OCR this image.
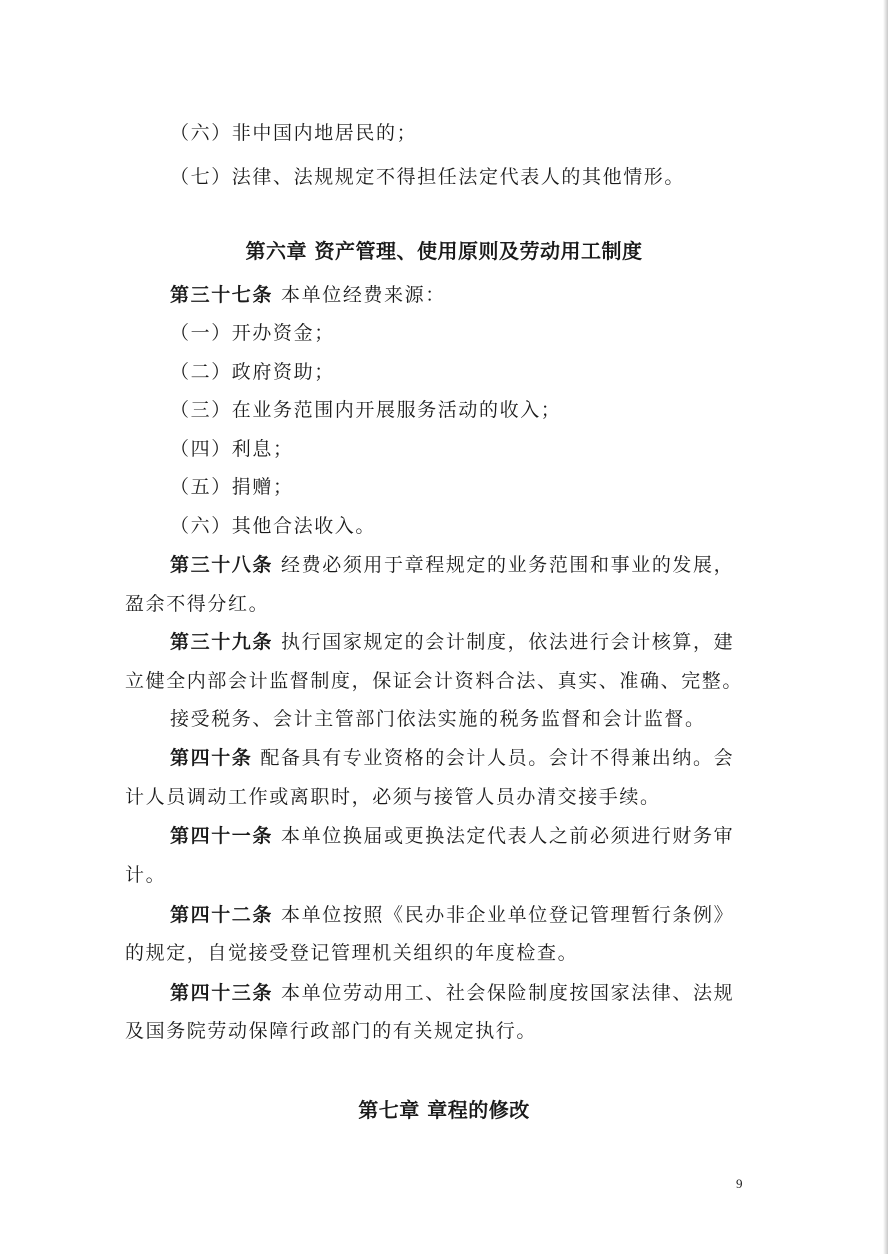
（六）非中国内地居民的；
（七）法律、法规规定不得担任法定代表人的其他情形。
第六章 资产管理、使用原则及劳动用工制度
第三十七条 本单位经费来源：
（一）开办资金；
（二）政府资助；
（三）在业务范围内开展服务活动的收入；
（四）利息；
（五）捐赠；
（六）其他合法收入。
第三十八条 经费必须用于章程规定的业务范围和事业的发展，
盈余不得分红。
第三十九条 执行国家规定的会计制度，依法进行会计核算，建
立健全内部会计监督制度，保证会计资料合法、真实、准确、完整。
接受税务、会计主管部门依法实施的税务监督和会计监督。
第四十条 配备具有专业资格的会计人员。会计不得兼出纳。会
计人员调动工作或离职时，必须与接管人员办清交接手续。
第四十一条 本单位换届或更换法定代表人之前必须进行财务审
计。
第四十二条 本单位按照《民办非企业单位登记管理暂行条例》
的规定，自觉接受登记管理机关组织的年度检查。
第四十三条 本单位劳动用工、社会保险制度按国家法律、法规
及国务院劳动保障行政部门的有关规定执行。
第七章 章程的修改
9
